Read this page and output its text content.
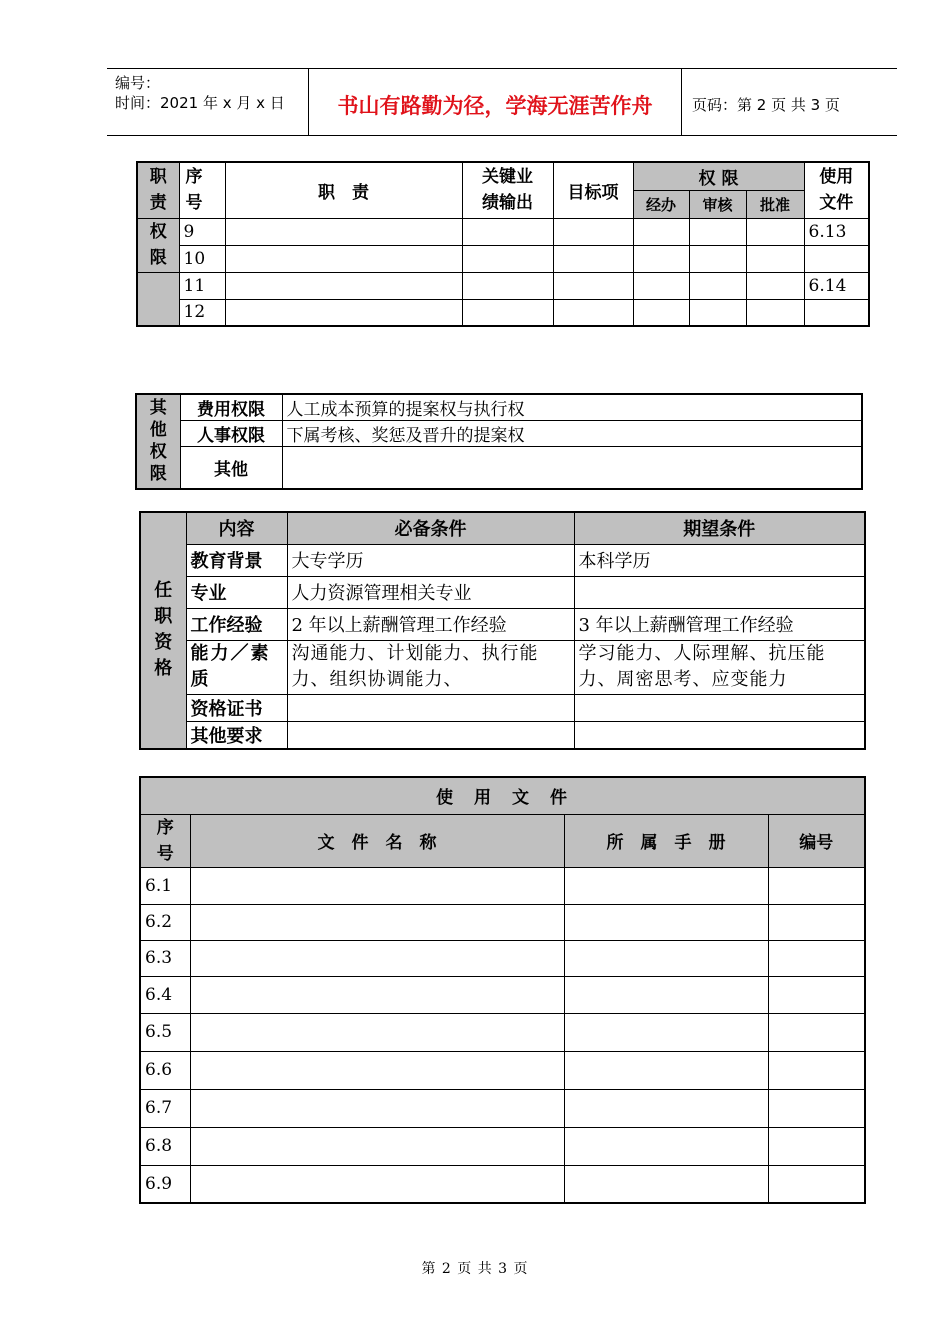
编号：
时间：2021 年 x 月 x 日	书山有路勤为径，学海无涯苦作舟	页码：第 2 页 共 3 页
职责	序号	职　责	关键业绩输出	目标项	权 限			使用文件

					经办	审核	批准	

权限	9							6.13
	10							
	11							6.14
	12							
其他权限	费用权限	人工成本预算的提案权与执行权
	人事权限	下属考核、奖惩及晋升的提案权
	其他	
任职资格	内容	必备条件	期望条件
	教育背景	大专学历	本科学历
	专业	人力资源管理相关专业	
	工作经验	2 年以上薪酬管理工作经验	3 年以上薪酬管理工作经验
	能力／素质	沟通能力、计划能力、执行能力、组织协调能力、	学习能力、人际理解、抗压能力、周密思考、应变能力
	资格证书		
	其他要求		
使　用　文　件			

序号	文　件　名　称	所　属　手　册	编号
6.1			
6.2			
6.3			
6.4			
6.5			
6.6			
6.7			
6.8			
6.9			
第 2 页 共 3 页
